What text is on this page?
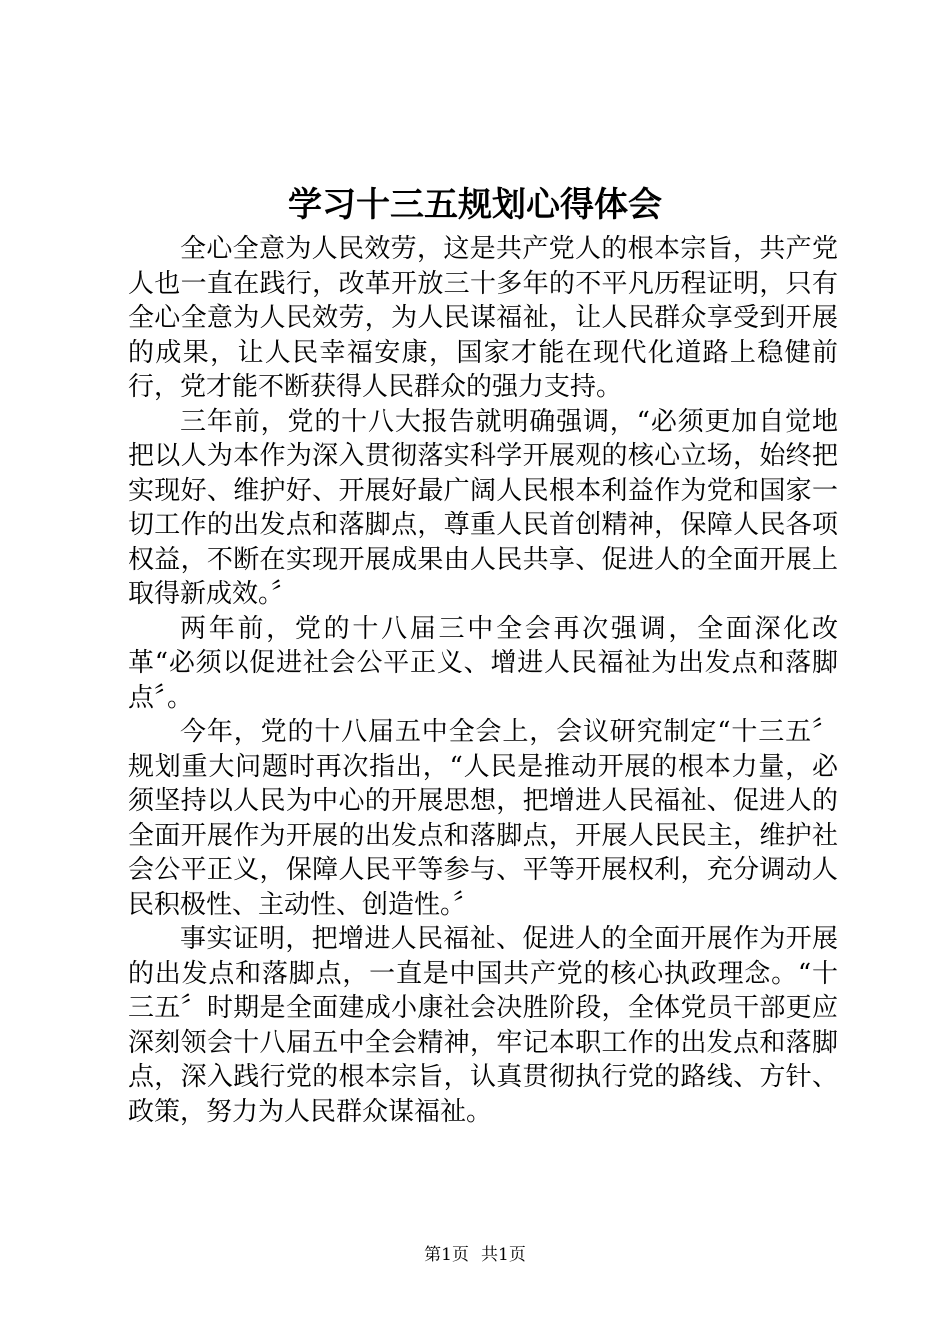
学习十三五规划心得体会

全心全意为人民效劳，这是共产党人的根本宗旨，共产党人也一直在践行，改革开放三十多年的不平凡历程证明，只有全心全意为人民效劳，为人民谋福祉，让人民群众享受到开展的成果，让人民幸福安康，国家才能在现代化道路上稳健前行，党才能不断获得人民群众的强力支持。

三年前，党的十八大报告就明确强调，“必须更加自觉地把以人为本作为深入贯彻落实科学开展观的核心立场，始终把实现好、维护好、开展好最广阔人民根本利益作为党和国家一切工作的出发点和落脚点，尊重人民首创精神，保障人民各项权益，不断在实现开展成果由人民共享、促进人的全面开展上取得新成效。〞

两年前，党的十八届三中全会再次强调，全面深化改革“必须以促进社会公平正义、增进人民福祉为出发点和落脚点〞。

今年，党的十八届五中全会上，会议研究制定“十三五〞规划重大问题时再次指出，“人民是推动开展的根本力量，必须坚持以人民为中心的开展思想，把增进人民福祉、促进人的全面开展作为开展的出发点和落脚点，开展人民民主，维护社会公平正义，保障人民平等参与、平等开展权利，充分调动人民积极性、主动性、创造性。〞

事实证明，把增进人民福祉、促进人的全面开展作为开展的出发点和落脚点，一直是中国共产党的核心执政理念。“十三五〞时期是全面建成小康社会决胜阶段，全体党员干部更应深刻领会十八届五中全会精神，牢记本职工作的出发点和落脚点，深入践行党的根本宗旨，认真贯彻执行党的路线、方针、政策，努力为人民群众谋福祉。

第1页 共1页
